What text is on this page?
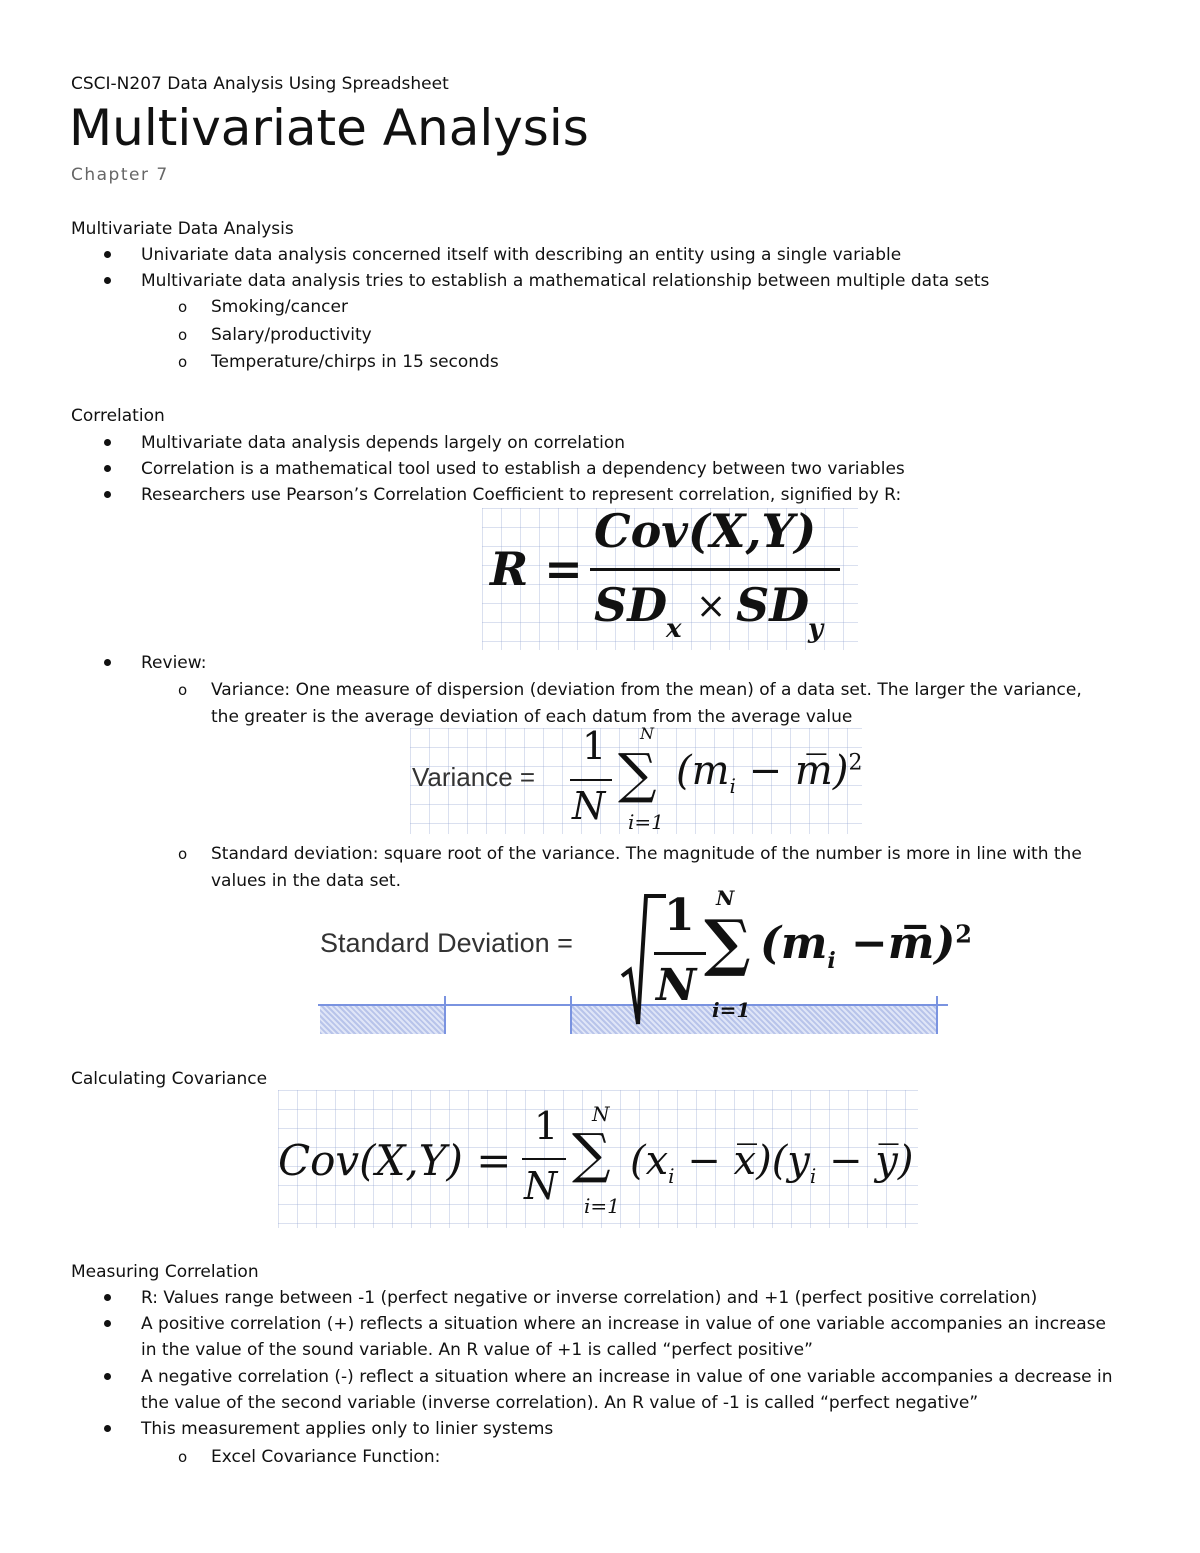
CSCI-N207 Data Analysis Using Spreadsheet
Multivariate Analysis
Chapter 7
Multivariate Data Analysis
Univariate data analysis concerned itself with describing an entity using a single variable
Multivariate data analysis tries to establish a mathematical relationship between multiple data sets
o Smoking/cancer
o Salary/productivity
o Temperature/chirps in 15 seconds
Correlation
Multivariate data analysis depends largely on correlation
Correlation is a mathematical tool used to establish a dependency between two variables
Researchers use Pearson’s Correlation Coefficient to represent correlation, signified by R:
R =
Cov(X,Y)
SD
x
× SD
y
Review:
o Variance: One measure of dispersion (deviation from the mean) of a data set. The larger the variance,
the greater is the average deviation of each datum from the average value
Variance =
1
N
N
∑
i=1
($m_i$ − m̅)$^2$
o Standard deviation: square root of the variance. The magnitude of the number is more in line with the
values in the data set.
Standard Deviation =
1
N
N
∑
i=1
($m_i$ −m̅)$^2$
Calculating Covariance
Cov(X,Y) =
1
N
N
∑
i=1
($x_i$ − $x̅)(y_i$ − y̅)
Measuring Correlation
R: Values range between -1 (perfect negative or inverse correlation) and +1 (perfect positive correlation)
A positive correlation (+) reflects a situation where an increase in value of one variable accompanies an increase
in the value of the sound variable. An R value of +1 is called “perfect positive”
A negative correlation (-) reflect a situation where an increase in value of one variable accompanies a decrease in
the value of the second variable (inverse correlation). An R value of -1 is called “perfect negative”
This measurement applies only to linier systems
o Excel Covariance Function:
